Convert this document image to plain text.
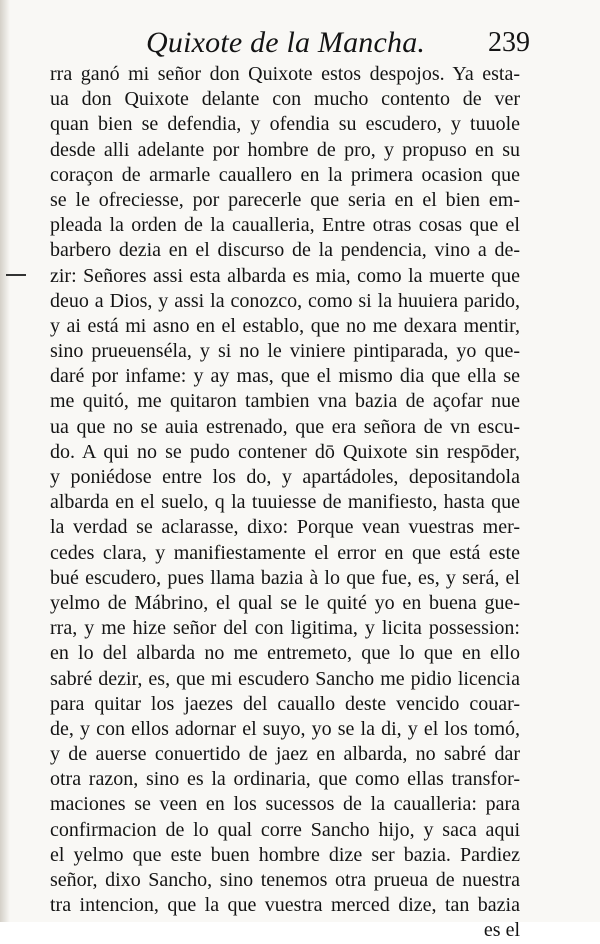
Quixote de la Mancha. 239
rra ganó mi señor don Quixote estos despojos. Ya esta-
ua don Quixote delante con mucho contento de ver
quan bien se defendia, y ofendia su escudero, y tuuole
desde alli adelante por hombre de pro, y propuso en su
coraçon de armarle cauallero en la primera ocasion que
se le ofreciesse, por parecerle que seria en el bien em-
pleada la orden de la caualleria, Entre otras cosas que el
barbero dezia en el discurso de la pendencia, vino a de-
zir: Señores assi esta albarda es mia, como la muerte que
deuo a Dios, y assi la conozco, como si la huuiera parido,
y ai está mi asno en el establo, que no me dexara mentir,
sino prueuenséla, y si no le viniere pintiparada, yo que-
daré por infame: y ay mas, que el mismo dia que ella se
me quitó, me quitaron tambien vna bazia de açofar nue
ua que no se auia estrenado, que era señora de vn escu-
do. A qui no se pudo contener dō Quixote sin respōder,
y poniédose entre los do, y apartádoles, depositandola
albarda en el suelo, q la tuuiesse de manifiesto, hasta que
la verdad se aclarasse, dixo: Porque vean vuestras mer-
cedes clara, y manifiestamente el error en que está este
bué escudero, pues llama bazia à lo que fue, es, y será, el
yelmo de Mábrino, el qual se le quité yo en buena gue-
rra, y me hize señor del con ligitima, y licita possession:
en lo del albarda no me entremeto, que lo que en ello
sabré dezir, es, que mi escudero Sancho me pidio licencia
para quitar los jaezes del cauallo deste vencido couar-
de, y con ellos adornar el suyo, yo se la di, y el los tomó,
y de auerse conuertido de jaez en albarda, no sabré dar
otra razon, sino es la ordinaria, que como ellas transfor-
maciones se veen en los sucessos de la caualleria: para
confirmacion de lo qual corre Sancho hijo, y saca aqui
el yelmo que este buen hombre dize ser bazia. Pardiez
señor, dixo Sancho, sino tenemos otra prueua de nuestra
tra intencion, que la que vuestra merced dize, tan bazia
es el
